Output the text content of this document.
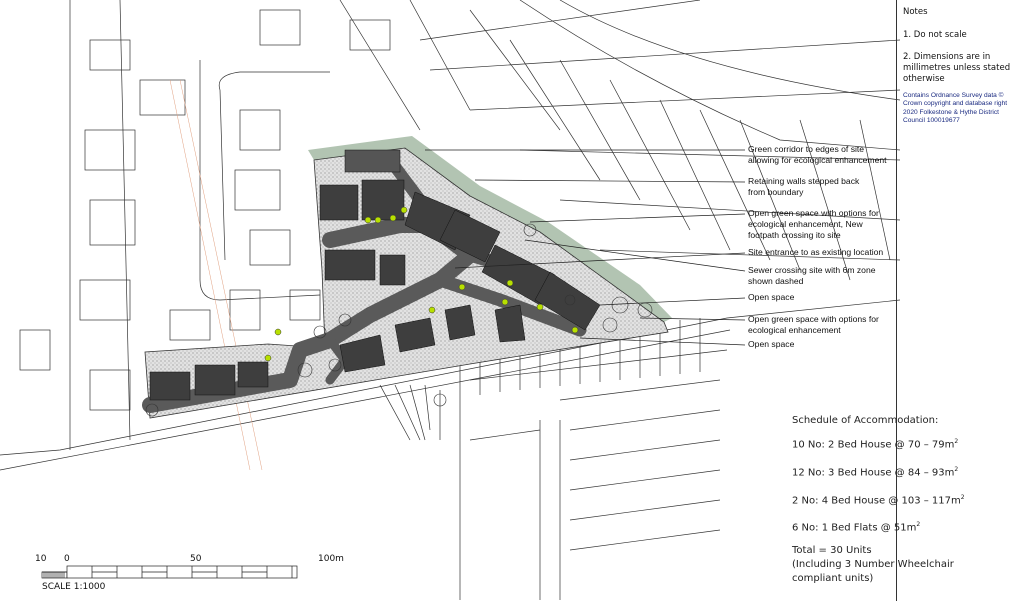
Notes
1. Do not scale
2. Dimensions are in
millimetres unless stated
otherwise
Contains Ordnance Survey data ©
Crown copyright and database right
2020 Folkestone & Hythe District
Council 100019677
Green corridor to edges of site
allowing for ecological enhancement
Retaining walls stepped back
from boundary
Open green space with options for
ecological enhancement, New
footpath crossing ito site
Site entrance to as existing location
Sewer crossing site with 6m zone
shown dashed
Open space
Open green space with options for
ecological enhancement
Open space
Schedule of Accommodation:
10 No: 2 Bed House @ $70 - 79m^2$
12 No: 3 Bed House @ $84 - 93m^2$
2 No: 4 Bed House @ $103 - 117m^2$
6 No: 1 Bed Flats @ $51m^2$
Total = 30 Units
(Including 3 Number Wheelchair
compliant units)
10 0	50	100m
SCALE 1:1000
